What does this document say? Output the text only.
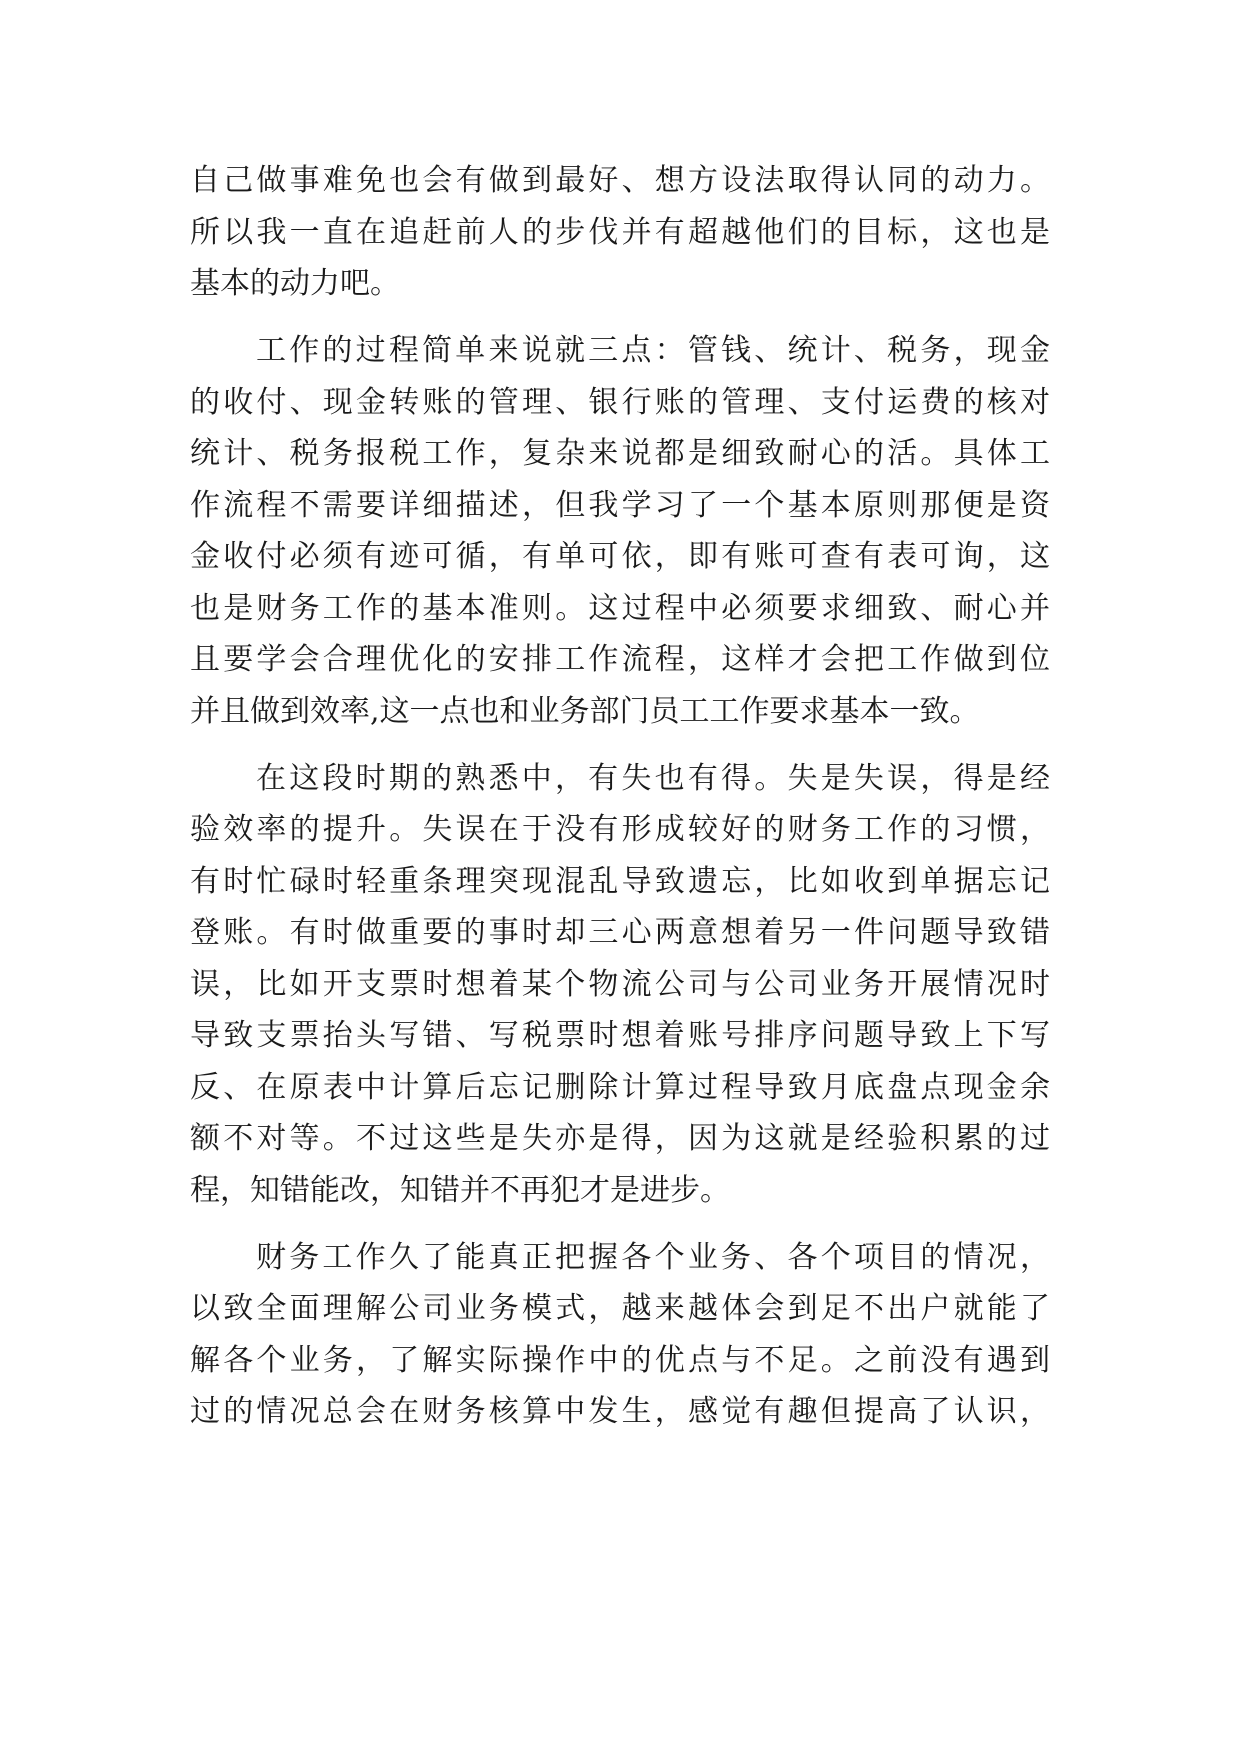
自己做事难免也会有做到最好、想方设法取得认同的动力。
所以我一直在追赶前人的步伐并有超越他们的目标，这也是
基本的动力吧。
工作的过程简单来说就三点：管钱、统计、税务，现金
的收付、现金转账的管理、银行账的管理、支付运费的核对
统计、税务报税工作，复杂来说都是细致耐心的活。具体工
作流程不需要详细描述，但我学习了一个基本原则那便是资
金收付必须有迹可循，有单可依，即有账可查有表可询，这
也是财务工作的基本准则。这过程中必须要求细致、耐心并
且要学会合理优化的安排工作流程，这样才会把工作做到位
并且做到效率,这一点也和业务部门员工工作要求基本一致。
在这段时期的熟悉中，有失也有得。失是失误，得是经
验效率的提升。失误在于没有形成较好的财务工作的习惯，
有时忙碌时轻重条理突现混乱导致遗忘，比如收到单据忘记
登账。有时做重要的事时却三心两意想着另一件问题导致错
误，比如开支票时想着某个物流公司与公司业务开展情况时
导致支票抬头写错、写税票时想着账号排序问题导致上下写
反、在原表中计算后忘记删除计算过程导致月底盘点现金余
额不对等。不过这些是失亦是得，因为这就是经验积累的过
程，知错能改，知错并不再犯才是进步。
财务工作久了能真正把握各个业务、各个项目的情况，
以致全面理解公司业务模式，越来越体会到足不出户就能了
解各个业务，了解实际操作中的优点与不足。之前没有遇到
过的情况总会在财务核算中发生，感觉有趣但提高了认识，
